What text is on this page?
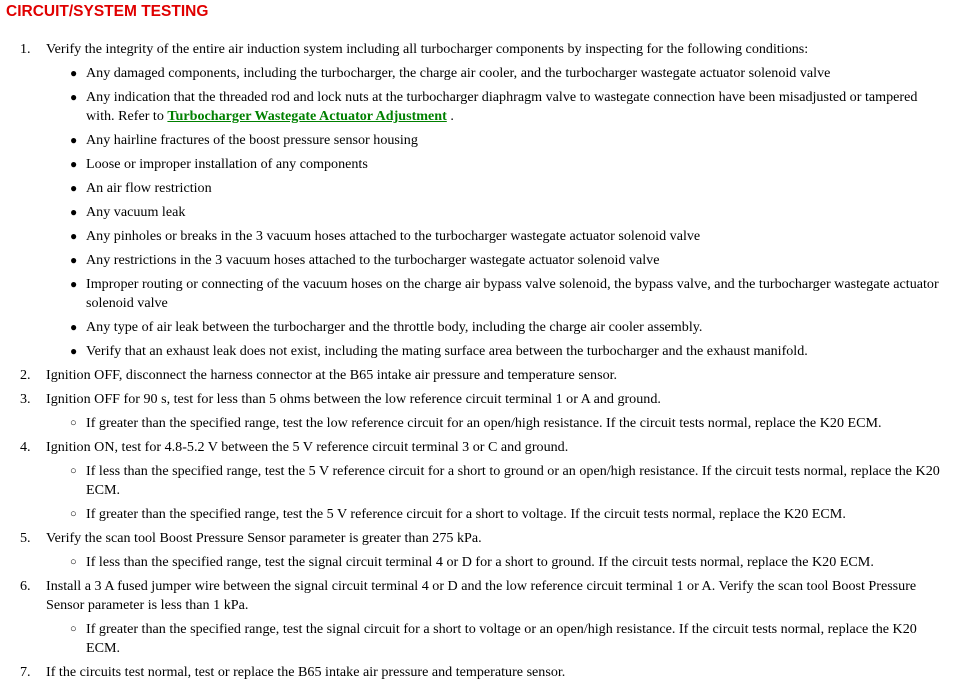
CIRCUIT/SYSTEM TESTING
1.	Verify the integrity of the entire air induction system including all turbocharger components by inspecting for the following conditions:
● Any damaged components, including the turbocharger, the charge air cooler, and the turbocharger wastegate actuator solenoid valve
● Any indication that the threaded rod and lock nuts at the turbocharger diaphragm valve to wastegate connection have been misadjusted or tampered with. Refer to Turbocharger Wastegate Actuator Adjustment .
● Any hairline fractures of the boost pressure sensor housing
● Loose or improper installation of any components
● An air flow restriction
● Any vacuum leak
● Any pinholes or breaks in the 3 vacuum hoses attached to the turbocharger wastegate actuator solenoid valve
● Any restrictions in the 3 vacuum hoses attached to the turbocharger wastegate actuator solenoid valve
● Improper routing or connecting of the vacuum hoses on the charge air bypass valve solenoid, the bypass valve, and the turbocharger wastegate actuator solenoid valve
● Any type of air leak between the turbocharger and the throttle body, including the charge air cooler assembly.
● Verify that an exhaust leak does not exist, including the mating surface area between the turbocharger and the exhaust manifold.
2.	Ignition OFF, disconnect the harness connector at the B65 intake air pressure and temperature sensor.
3.	Ignition OFF for 90 s, test for less than 5 ohms between the low reference circuit terminal 1 or A and ground.
○ If greater than the specified range, test the low reference circuit for an open/high resistance. If the circuit tests normal, replace the K20 ECM.
4.	Ignition ON, test for 4.8-5.2 V between the 5 V reference circuit terminal 3 or C and ground.
○ If less than the specified range, test the 5 V reference circuit for a short to ground or an open/high resistance. If the circuit tests normal, replace the K20 ECM.
○ If greater than the specified range, test the 5 V reference circuit for a short to voltage. If the circuit tests normal, replace the K20 ECM.
5.	Verify the scan tool Boost Pressure Sensor parameter is greater than 275 kPa.
○ If less than the specified range, test the signal circuit terminal 4 or D for a short to ground. If the circuit tests normal, replace the K20 ECM.
6.	Install a 3 A fused jumper wire between the signal circuit terminal 4 or D and the low reference circuit terminal 1 or A. Verify the scan tool Boost Pressure Sensor parameter is less than 1 kPa.
○ If greater than the specified range, test the signal circuit for a short to voltage or an open/high resistance. If the circuit tests normal, replace the K20 ECM.
7.	If the circuits test normal, test or replace the B65 intake air pressure and temperature sensor.
